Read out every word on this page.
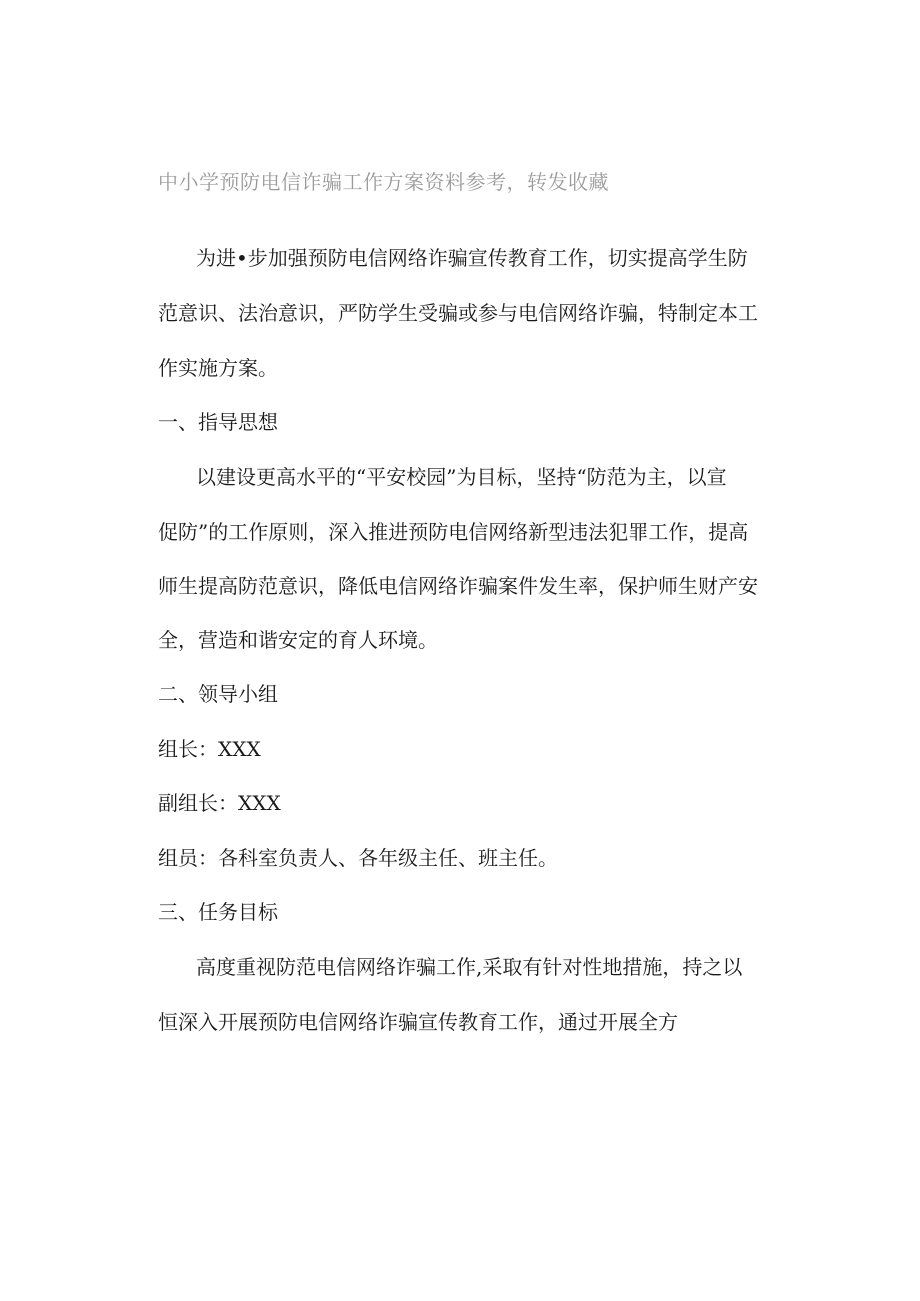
中小学预防电信诈骗工作方案资料参考，转发收藏
为进•步加强预防电信网络诈骗宣传教育工作，切实提高学生防
范意识、法治意识，严防学生受骗或参与电信网络诈骗，特制定本工
作实施方案。
一、指导思想
以建设更高水平的“平安校园”为目标，坚持“防范为主，以宣
促防”的工作原则，深入推进预防电信网络新型违法犯罪工作，提高
师生提高防范意识，降低电信网络诈骗案件发生率，保护师生财产安
全，营造和谐安定的育人环境。
二、领导小组
组长：XXX
副组长：XXX
组员：各科室负责人、各年级主任、班主任。
三、任务目标
高度重视防范电信网络诈骗工作,采取有针对性地措施，持之以
恒深入开展预防电信网络诈骗宣传教育工作，通过开展全方
